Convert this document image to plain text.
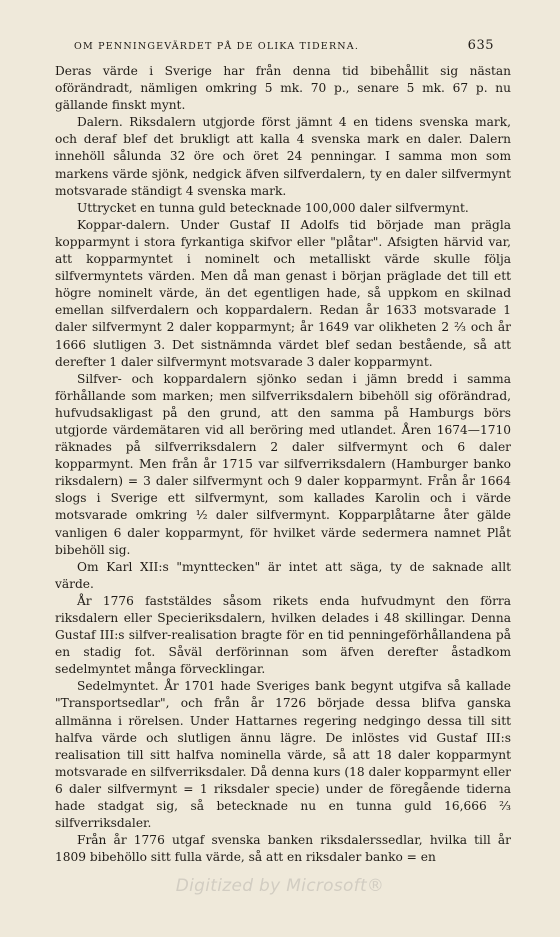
OM PENNINGEVÄRDET PÅ DE OLIKA TIDERNA.	635

Deras värde i Sverige har från denna tid bibehållit sig nästan oförändradt, nämligen omkring 5 mk. 70 p., senare 5 mk. 67 p. nu gällande finskt mynt.

Dalern. Riksdalern utgjorde först jämnt 4 en tidens svenska mark, och deraf blef det brukligt att kalla 4 svenska mark en daler. Dalern innehöll sålunda 32 öre och öret 24 penningar. I samma mon som markens värde sjönk, nedgick äfven silfverdalern, ty en daler silfvermynt motsvarade ständigt 4 svenska mark.

Uttrycket en tunna guld betecknade 100,000 daler silfvermynt.

Koppar-dalern. Under Gustaf II Adolfs tid började man prägla kopparmynt i stora fyrkantiga skifvor eller "plåtar". Afsigten härvid var, att kopparmyntet i nominelt och metalliskt värde skulle följa silfvermyntets värden. Men då man genast i början präglade det till ett högre nominelt värde, än det egentligen hade, så uppkom en skilnad emellan silfverdalern och koppardalern. Redan år 1633 motsvarade 1 daler silfvermynt 2 daler kopparmynt; år 1649 var olikheten 2 ⅔ och år 1666 slutligen 3. Det sistnämnda värdet blef sedan bestående, så att derefter 1 daler silfvermynt motsvarade 3 daler kopparmynt.

Silfver- och koppardalern sjönko sedan i jämn bredd i samma förhållande som marken; men silfverriksdalern bibehöll sig oförändrad, hufvudsakligast på den grund, att den samma på Hamburgs börs utgjorde värdemätaren vid all beröring med utlandet. Åren 1674—1710 räknades på silfverriksdalern 2 daler silfvermynt och 6 daler kopparmynt. Men från år 1715 var silfverriksdalern (Hamburger banko riksdalern) = 3 daler silfvermynt och 9 daler kopparmynt. Från år 1664 slogs i Sverige ett silfvermynt, som kallades Karolin och i värde motsvarade omkring ½ daler silfvermynt. Kopparplåtarne åter gälde vanligen 6 daler kopparmynt, för hvilket värde sedermera namnet Plåt bibehöll sig.

Om Karl XII:s "mynttecken" är intet att säga, ty de saknade allt värde.

År 1776 faststäldes såsom rikets enda hufvudmynt den förra riksdalern eller Specieriksdalern, hvilken delades i 48 skillingar. Denna Gustaf III:s silfver-realisation bragte för en tid penningeförhållandena på en stadig fot. Såväl derförinnan som äfven derefter åstadkom sedelmyntet många förvecklingar.

Sedelmyntet. År 1701 hade Sveriges bank begynt utgifva så kallade "Transportsedlar", och från år 1726 började dessa blifva ganska allmänna i rörelsen. Under Hattarnes regering nedgingo dessa till sitt halfva värde och slutligen ännu lägre. De inlöstes vid Gustaf III:s realisation till sitt halfva nominella värde, så att 18 daler kopparmynt motsvarade en silfverriksdaler. Då denna kurs (18 daler kopparmynt eller 6 daler silfvermynt = 1 riksdaler specie) under de föregående tiderna hade stadgat sig, så betecknade nu en tunna guld 16,666 ⅔ silfverriksdaler.

Från år 1776 utgaf svenska banken riksdalerssedlar, hvilka till år 1809 bibehöllo sitt fulla värde, så att en riksdaler banko = en

Digitized by Microsoft®
